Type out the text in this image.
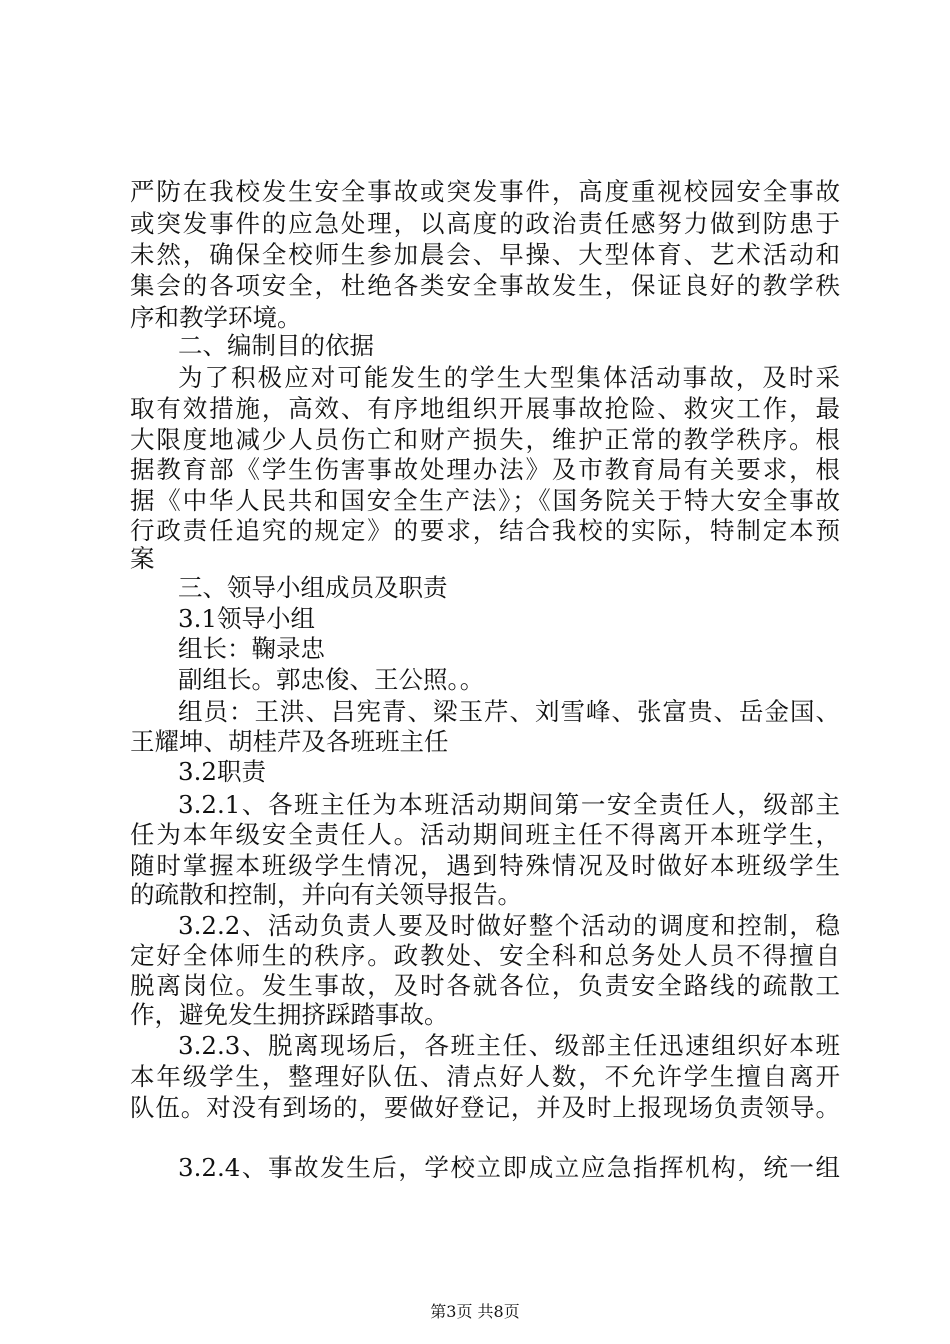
严防在我校发生安全事故或突发事件，高度重视校园安全事故
或突发事件的应急处理，以高度的政治责任感努力做到防患于
未然，确保全校师生参加晨会、早操、大型体育、艺术活动和
集会的各项安全，杜绝各类安全事故发生，保证良好的教学秩
序和教学环境。
二、编制目的依据
为了积极应对可能发生的学生大型集体活动事故，及时采
取有效措施，高效、有序地组织开展事故抢险、救灾工作，最
大限度地减少人员伤亡和财产损失，维护正常的教学秩序。根
据教育部《学生伤害事故处理办法》及市教育局有关要求，根
据《中华人民共和国安全生产法》；《国务院关于特大安全事故
行政责任追究的规定》的要求，结合我校的实际，特制定本预
案
三、领导小组成员及职责
3.1领导小组
组长：鞠录忠
副组长。郭忠俊、王公照。。
组员：王洪、吕宪青、梁玉芹、刘雪峰、张富贵、岳金国、
王耀坤、胡桂芹及各班班主任
3.2职责
3.2.1、各班主任为本班活动期间第一安全责任人，级部主
任为本年级安全责任人。活动期间班主任不得离开本班学生，
随时掌握本班级学生情况，遇到特殊情况及时做好本班级学生
的疏散和控制，并向有关领导报告。
3.2.2、活动负责人要及时做好整个活动的调度和控制，稳
定好全体师生的秩序。政教处、安全科和总务处人员不得擅自
脱离岗位。发生事故，及时各就各位，负责安全路线的疏散工
作，避免发生拥挤踩踏事故。
3.2.3、脱离现场后，各班主任、级部主任迅速组织好本班
本年级学生，整理好队伍、清点好人数，不允许学生擅自离开
队伍。对没有到场的，要做好登记，并及时上报现场负责领导。
3.2.4、事故发生后，学校立即成立应急指挥机构，统一组
第3页 共8页
